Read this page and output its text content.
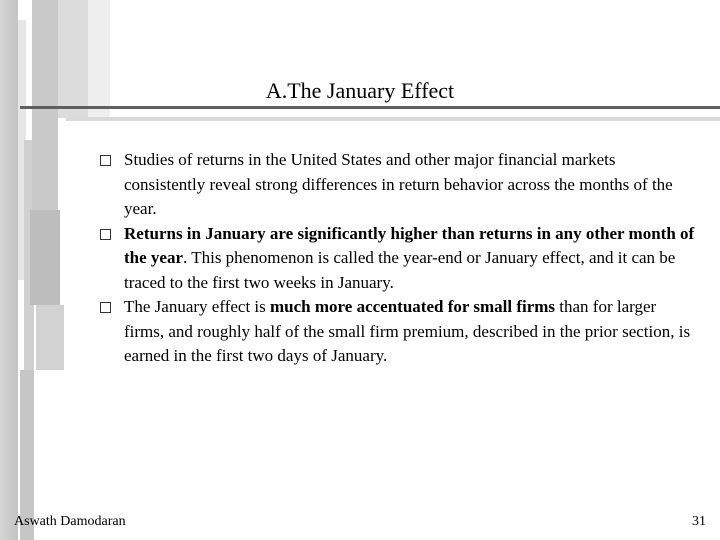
A.The January Effect
Studies of returns in the United States and other major financial markets consistently reveal strong differences in return behavior across the months of the year.
Returns in January are significantly higher than returns in any other month of the year. This phenomenon is called the year-end or January effect, and it can be traced to the first two weeks in January.
The January effect is much more accentuated for small firms than for larger firms, and roughly half of the small firm premium, described in the prior section, is earned in the first two days of January.
Aswath Damodaran	31
